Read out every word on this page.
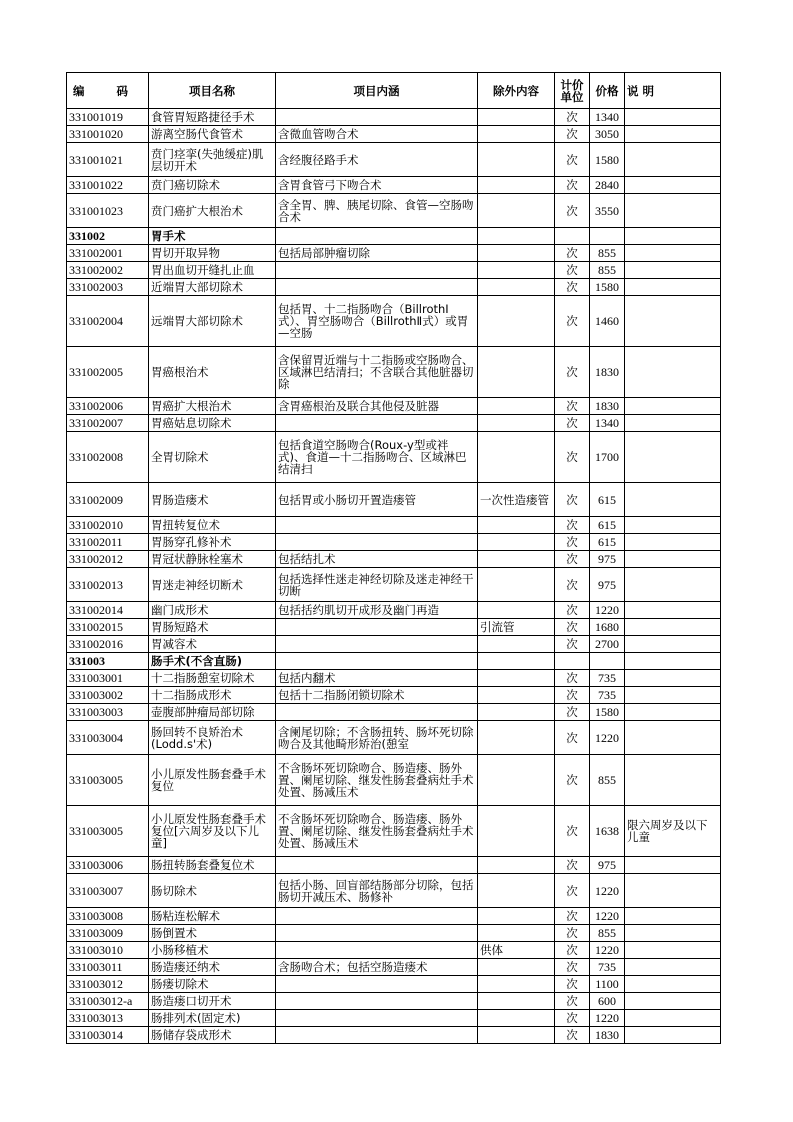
编 码	项目名称	项目内涵	除外内容	计价单位	价格	说 明
331001019	食管胃短路捷径手术			次	1340	
331001020	游离空肠代食管术	含微血管吻合术		次	3050	
331001021	贲门痉挛(失弛缓症)肌层切开术	含经腹径路手术		次	1580	
331001022	贲门癌切除术	含胃食管弓下吻合术		次	2840	
331001023	贲门癌扩大根治术	含全胃、脾、胰尾切除、食管—空肠吻合术		次	3550	
331002	胃手术					
331002001	胃切开取异物	包括局部肿瘤切除		次	855	
331002002	胃出血切开缝扎止血			次	855	
331002003	近端胃大部切除术			次	1580	
331002004	远端胃大部切除术	包括胃、十二指肠吻合（BillrothⅠ式）、胃空肠吻合（BillrothⅡ式）或胃—空肠		次	1460	
331002005	胃癌根治术	含保留胃近端与十二指肠或空肠吻合、区域淋巴结清扫；不含联合其他脏器切除		次	1830	
331002006	胃癌扩大根治术	含胃癌根治及联合其他侵及脏器		次	1830	
331002007	胃癌姑息切除术			次	1340	
331002008	全胃切除术	包括食道空肠吻合(Roux-y型或袢式)、食道—十二指肠吻合、区域淋巴结清扫		次	1700	
331002009	胃肠造瘘术	包括胃或小肠切开置造瘘管	一次性造瘘管	次	615	
331002010	胃扭转复位术			次	615	
331002011	胃肠穿孔修补术			次	615	
331002012	胃冠状静脉栓塞术	包括结扎术		次	975	
331002013	胃迷走神经切断术	包括选择性迷走神经切除及迷走神经干切断		次	975	
331002014	幽门成形术	包括括约肌切开成形及幽门再造		次	1220	
331002015	胃肠短路术		引流管	次	1680	
331002016	胃减容术			次	2700	
331003	肠手术(不含直肠)					
331003001	十二指肠憩室切除术	包括内翻术		次	735	
331003002	十二指肠成形术	包括十二指肠闭锁切除术		次	735	
331003003	壶腹部肿瘤局部切除			次	1580	
331003004	肠回转不良矫治术(Lodd.s'术)	含阑尾切除；不含肠扭转、肠坏死切除吻合及其他畸形矫治(憩室		次	1220	
331003005	小儿原发性肠套叠手术复位	不含肠坏死切除吻合、肠造瘘、肠外置、阑尾切除、继发性肠套叠病灶手术处置、肠减压术		次	855	
331003005	小儿原发性肠套叠手术复位[六周岁及以下儿童]	不含肠坏死切除吻合、肠造瘘、肠外置、阑尾切除、继发性肠套叠病灶手术处置、肠减压术		次	1638	限六周岁及以下儿童
331003006	肠扭转肠套叠复位术			次	975	
331003007	肠切除术	包括小肠、回盲部结肠部分切除，包括肠切开减压术、肠修补		次	1220	
331003008	肠粘连松解术			次	1220	
331003009	肠倒置术			次	855	
331003010	小肠移植术		供体	次	1220	
331003011	肠造瘘还纳术	含肠吻合术；包括空肠造瘘术		次	735	
331003012	肠瘘切除术			次	1100	
331003012-a	肠造瘘口切开术			次	600	
331003013	肠排列术(固定术)			次	1220	
331003014	肠储存袋成形术			次	1830	
